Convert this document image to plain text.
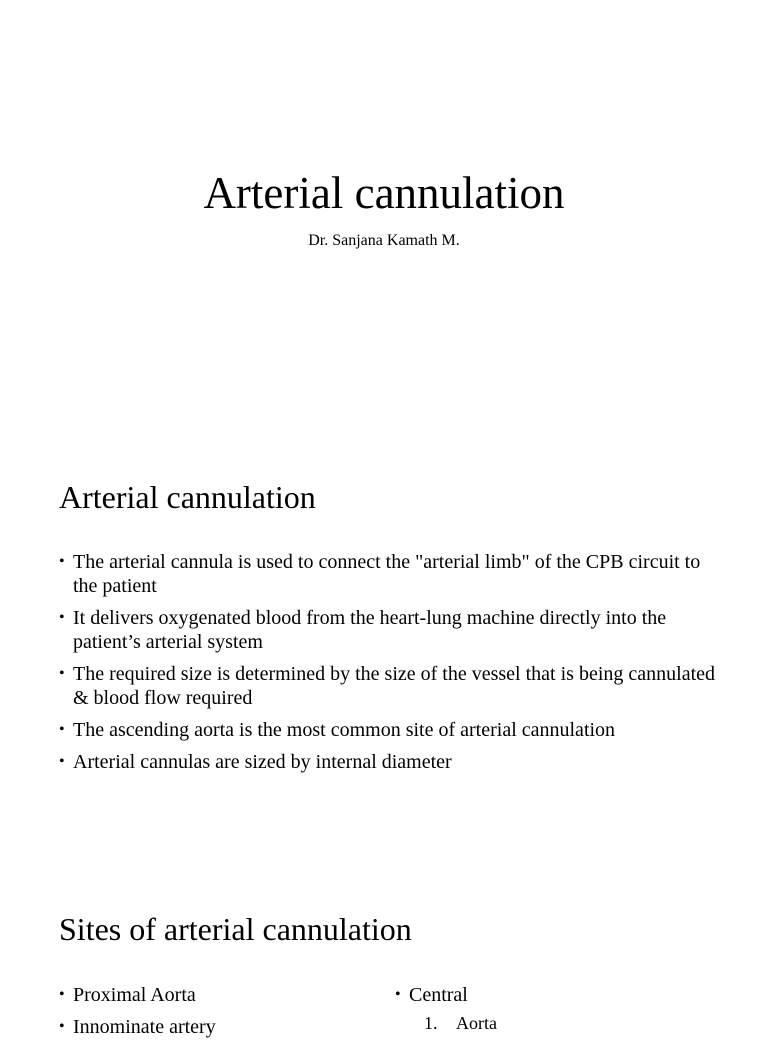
Arterial cannulation

Dr. Sanjana Kamath M.

Arterial cannulation
• The arterial cannula is used to connect the "arterial limb" of the CPB circuit to the patient
• It delivers oxygenated blood from the heart-lung machine directly into the patient’s arterial system
• The required size is determined by the size of the vessel that is being cannulated & blood flow required
• The ascending aorta is the most common site of arterial cannulation
• Arterial cannulas are sized by internal diameter
Sites of arterial cannulation
• Proximal Aorta
• Innominate artery
• Central
1. Aorta
